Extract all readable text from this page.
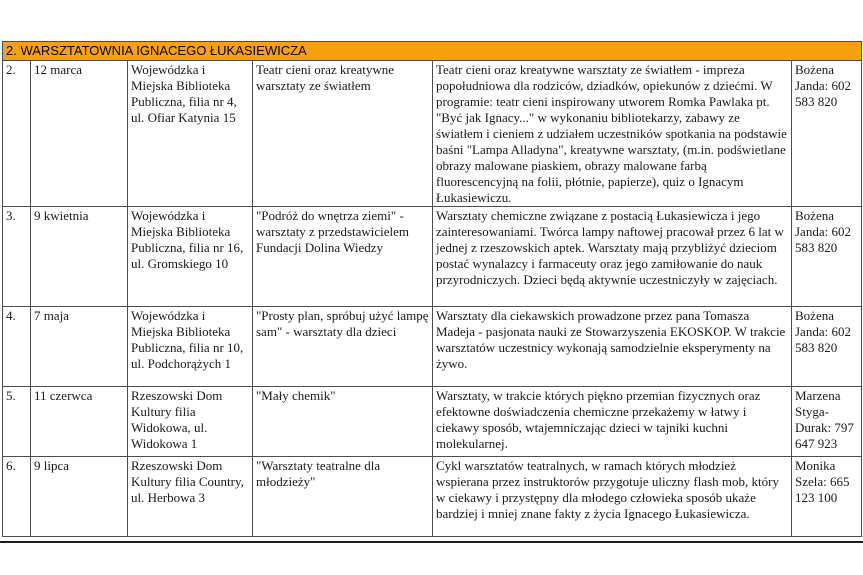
2. WARSZTATOWNIA IGNACEGO ŁUKASIEWICZA					
2.	12 marca	Wojewódzka i Miejska Biblioteka Publiczna, filia nr 4, ul. Ofiar Katynia 15	Teatr cieni oraz kreatywne warsztaty ze światłem	Teatr cieni oraz kreatywne warsztaty ze światłem - impreza popołudniowa dla rodziców, dziadków, opiekunów z dziećmi. W programie: teatr cieni inspirowany utworem Romka Pawlaka pt. "Być jak Ignacy..." w wykonaniu bibliotekarzy, zabawy ze światłem i cieniem z udziałem uczestników spotkania na podstawie baśni "Lampa Alladyna", kreatywne warsztaty, (m.in. podświetlane obrazy malowane piaskiem, obrazy malowane farbą fluorescencyjną na folii, płótnie, papierze), quiz o Ignacym Łukasiewiczu.	Bożena Janda: 602 583 820
3.	9 kwietnia	Wojewódzka i Miejska Biblioteka Publiczna, filia nr 16, ul. Gromskiego 10	"Podróż do wnętrza ziemi" - warsztaty z przedstawicielem Fundacji Dolina Wiedzy	Warsztaty chemiczne związane z postacią Łukasiewicza i jego zainteresowaniami. Twórca lampy naftowej pracował przez 6 lat w jednej z rzeszowskich aptek. Warsztaty mają przybliżyć dzieciom postać wynalazcy i farmaceuty oraz jego zamiłowanie do nauk przyrodniczych. Dzieci będą aktywnie uczestniczyły w zajęciach.	Bożena Janda: 602 583 820
4.	7 maja	Wojewódzka i Miejska Biblioteka Publiczna, filia nr 10, ul. Podchorążych 1	"Prosty plan, spróbuj użyć lampę sam" - warsztaty dla dzieci	Warsztaty dla ciekawskich prowadzone przez pana Tomasza Madeja - pasjonata nauki ze Stowarzyszenia EKOSKOP. W trakcie warsztatów uczestnicy wykonają samodzielnie eksperymenty na żywo.	Bożena Janda: 602 583 820
5.	11 czerwca	Rzeszowski Dom Kultury filia Widokowa, ul. Widokowa 1	"Mały chemik"	Warsztaty, w trakcie których piękno przemian fizycznych oraz efektowne doświadczenia chemiczne przekażemy w łatwy i ciekawy sposób, wtajemniczając dzieci w tajniki kuchni molekularnej.	Marzena Styga-Durak: 797 647 923
6.	9 lipca	Rzeszowski Dom Kultury filia Country, ul. Herbowa 3	"Warsztaty teatralne dla młodzieży"	Cykl warsztatów teatralnych, w ramach których młodzież wspierana przez instruktorów przygotuje uliczny flash mob, który w ciekawy i przystępny dla młodego człowieka sposób ukaże bardziej i mniej znane fakty z życia Ignacego Łukasiewicza.	Monika Szela: 665 123 100
